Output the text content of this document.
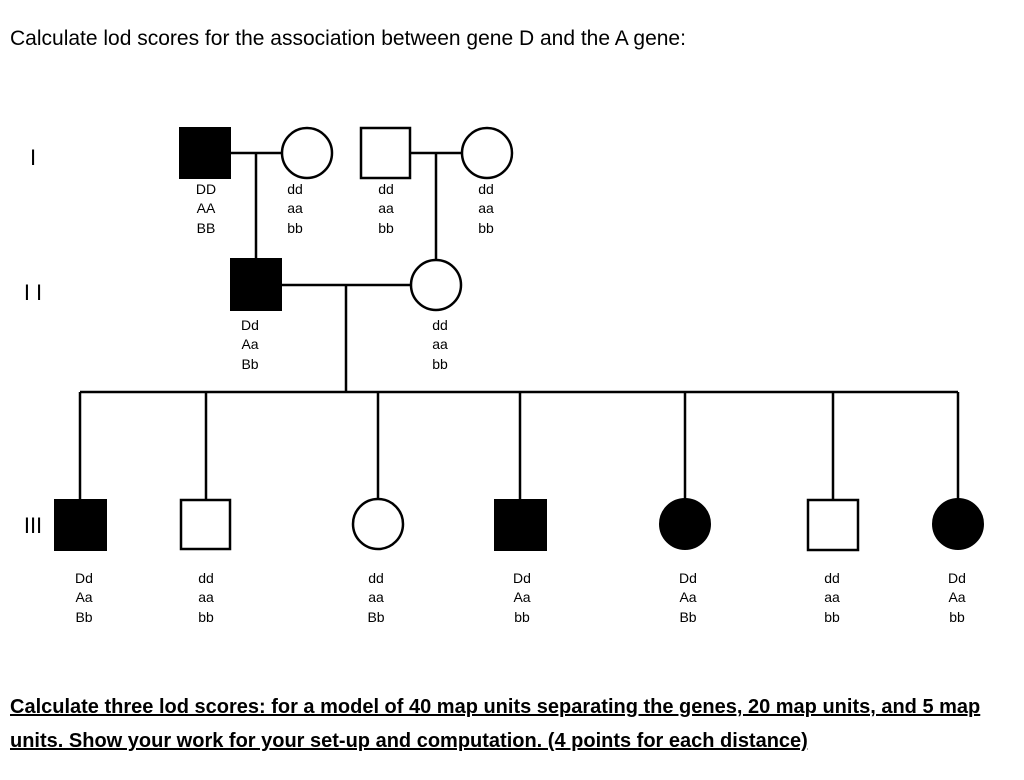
Calculate lod scores for the association between gene D and the A gene:
I
I I
III
DD
AA
BB
dd
aa
bb
dd
aa
bb
dd
aa
bb
Dd
Aa
Bb
dd
aa
bb
Dd
Aa
Bb
dd
aa
bb
dd
aa
Bb
Dd
Aa
bb
Dd
Aa
Bb
dd
aa
bb
Dd
Aa
bb

Calculate three lod scores: for a model of 40 map units separating the genes, 20 map units, and 5 map units. Show your work for your set-up and computation. (4 points for each distance)
